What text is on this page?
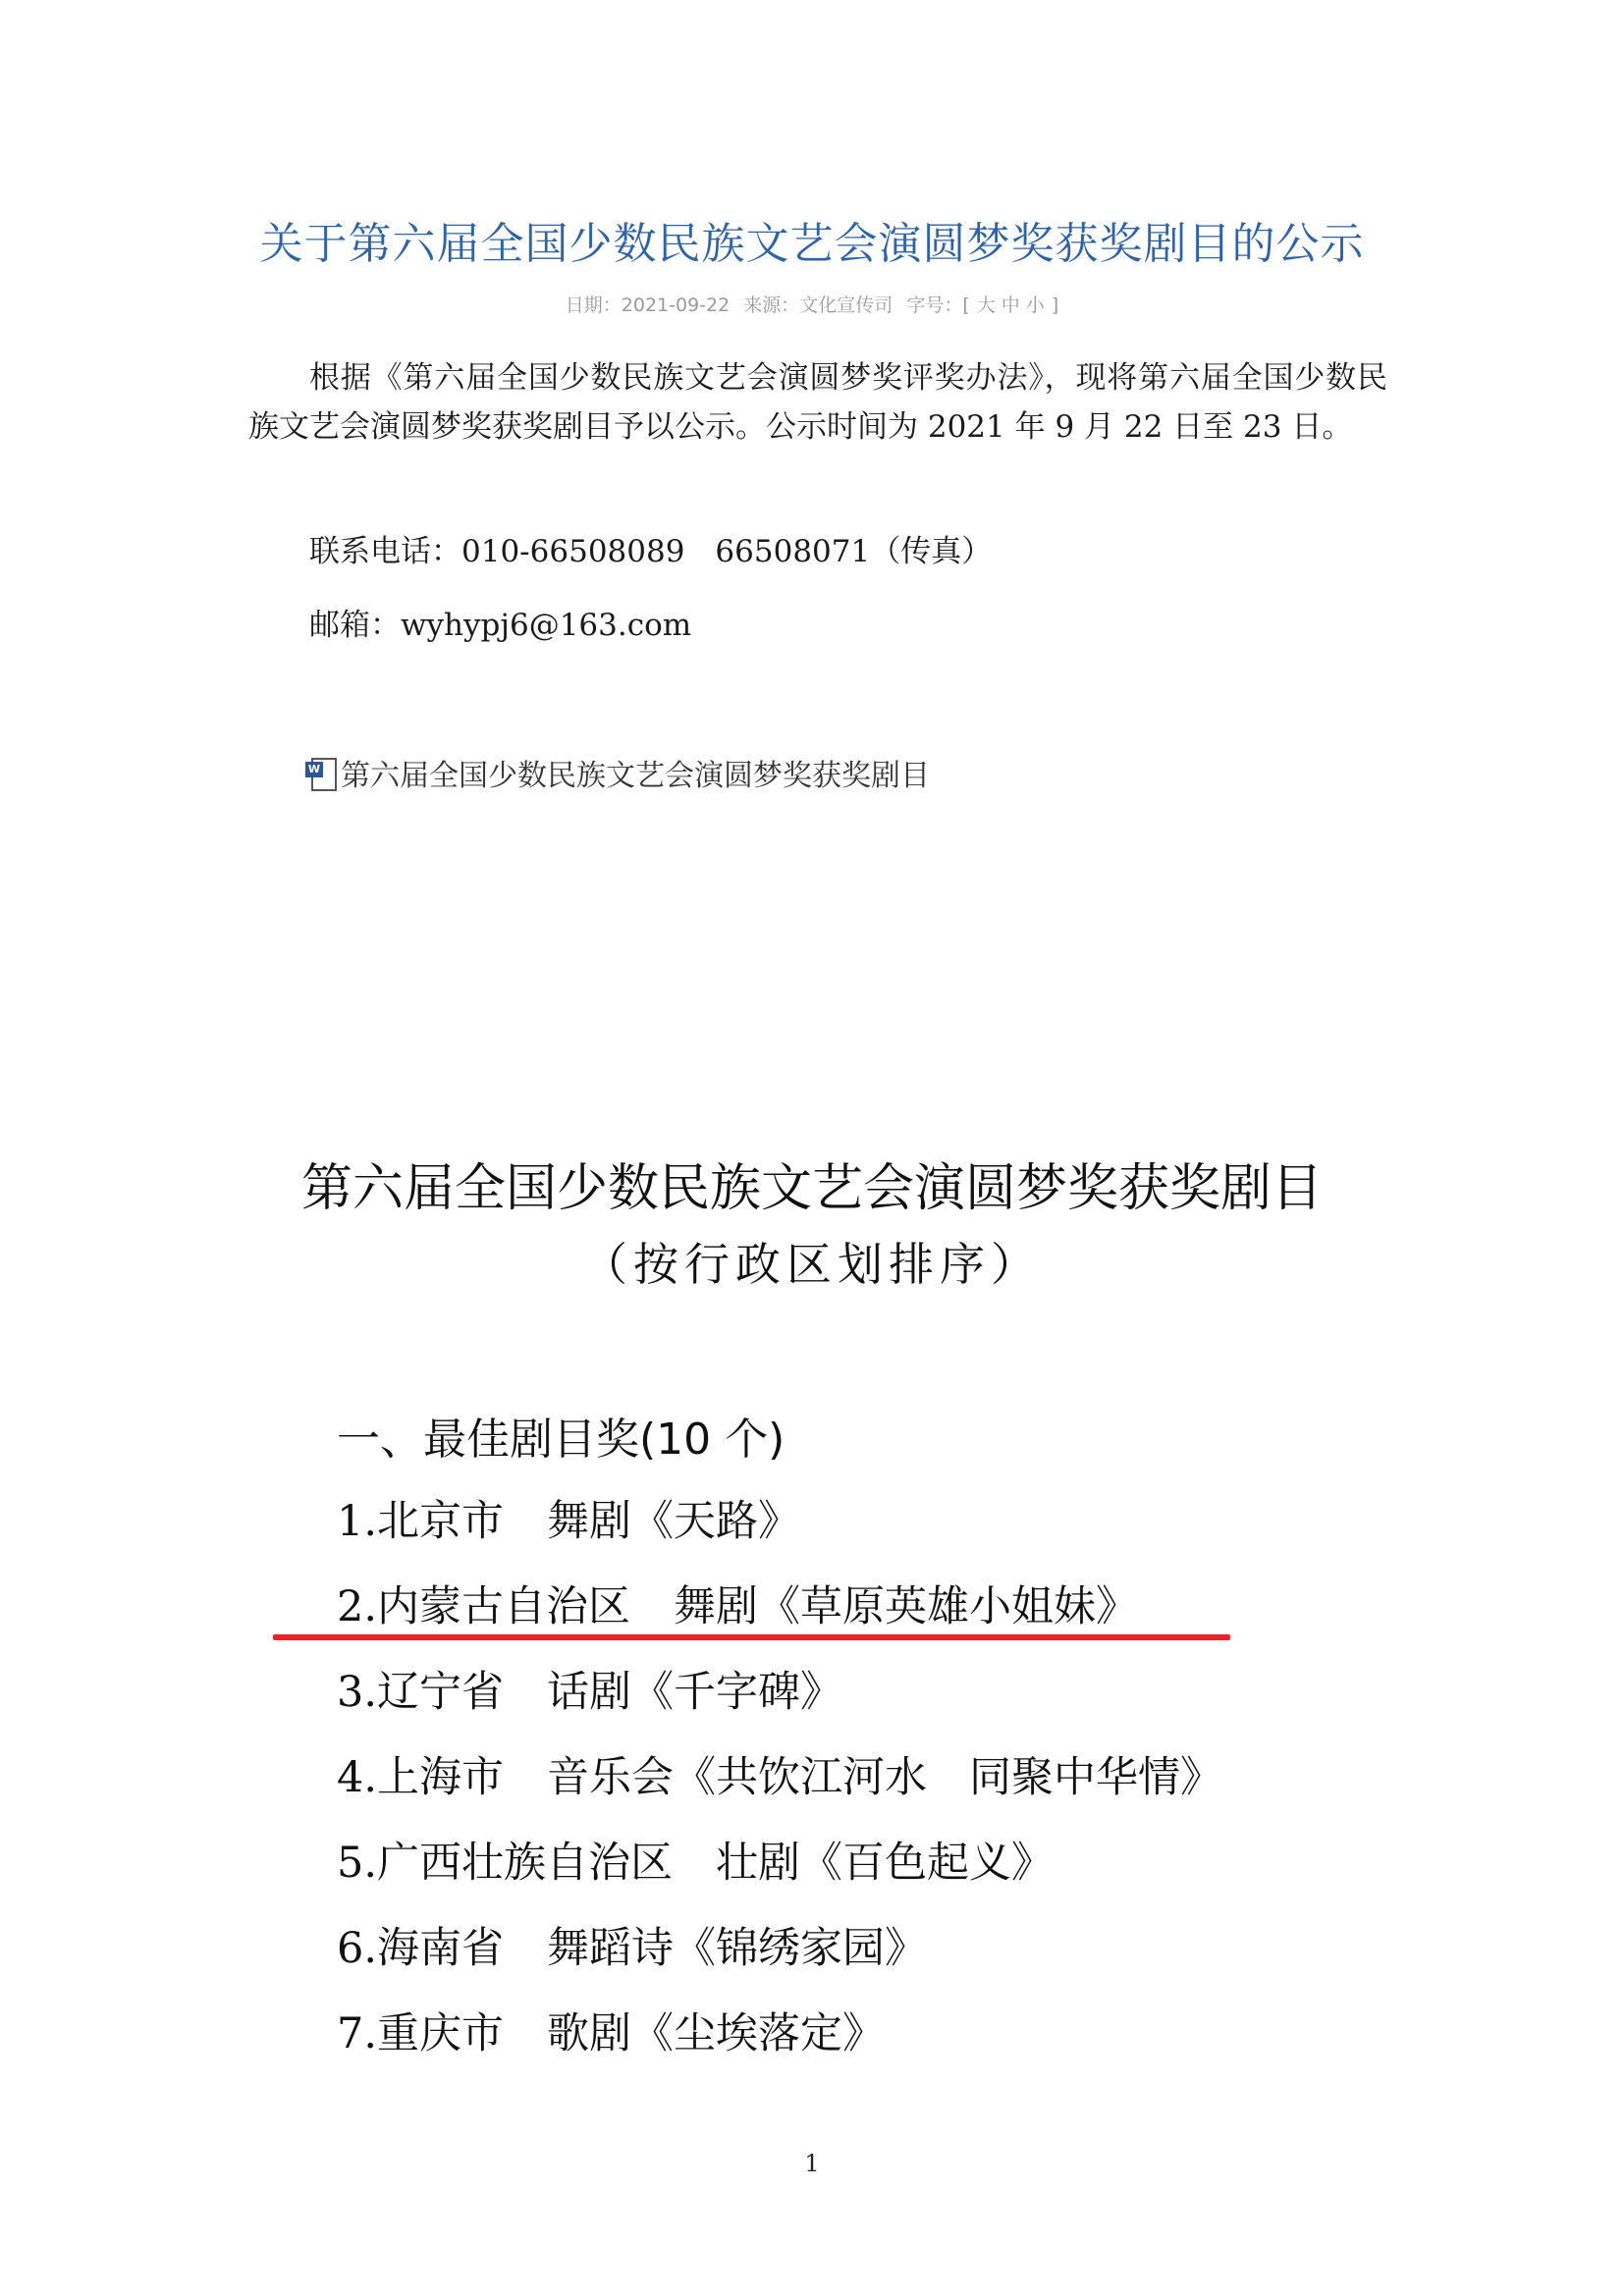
关于第六届全国少数民族文艺会演圆梦奖获奖剧目的公示
日期：2021-09-22 来源：文化宣传司 字号：[ 大 中 小 ]

根据《第六届全国少数民族文艺会演圆梦奖评奖办法》，现将第六届全国少数民族文艺会演圆梦奖获奖剧目予以公示。公示时间为 2021 年 9 月 22 日至 23 日。

联系电话：010-66508089　66508071（传真）
邮箱：wyhypj6@163.com
W 第六届全国少数民族文艺会演圆梦奖获奖剧目
第六届全国少数民族文艺会演圆梦奖获奖剧目
（按行政区划排序）
一、最佳剧目奖(10 个)
1.北京市 舞剧《天路》
2.内蒙古自治区 舞剧《草原英雄小姐妹》
3.辽宁省 话剧《千字碑》
4.上海市 音乐会《共饮江河水　同聚中华情》
5.广西壮族自治区 壮剧《百色起义》
6.海南省 舞蹈诗《锦绣家园》
7.重庆市 歌剧《尘埃落定》
1
